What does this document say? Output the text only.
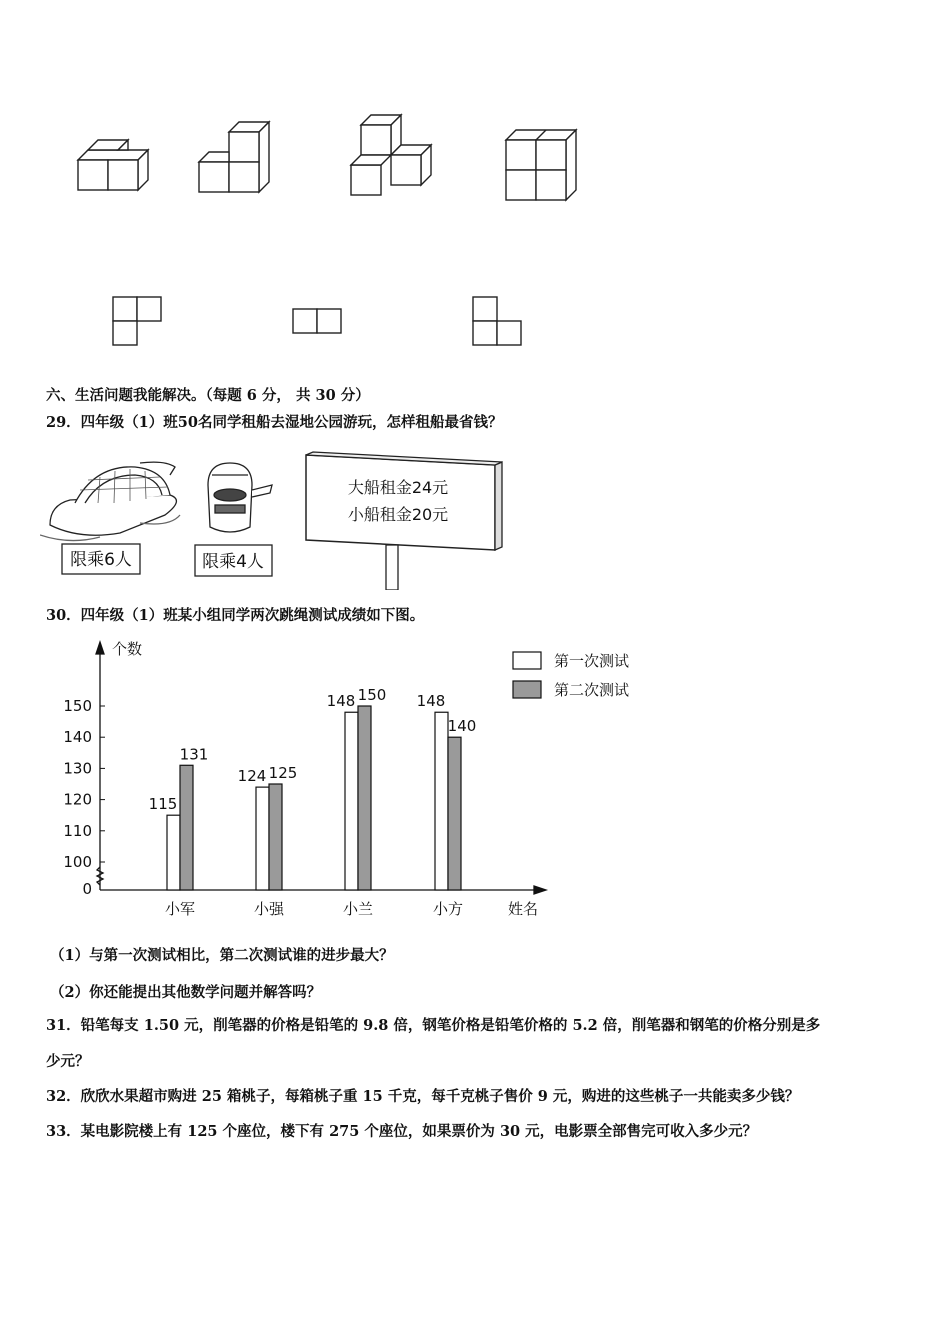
六、生活问题我能解决。（每题 6 分， 共 30 分）
29．四年级（1）班50名同学租船去湿地公园游玩，怎样租船最省钱？
限乘6人	限乘4人
大船租金24元
小船租金20元
30．四年级（1）班某小组同学两次跳绳测试成绩如下图。
0
100
110
120
130
140
150
115
131
小军
124 125
小强
148 150
小兰
148
140
小方
个数
姓名
第一次测试
第二次测试
（1）与第一次测试相比，第二次测试谁的进步最大？
（2）你还能提出其他数学问题并解答吗？
31．铅笔每支 1.50 元，削笔器的价格是铅笔的 9.8 倍，钢笔价格是铅笔价格的 5.2 倍，削笔器和钢笔的价格分别是多
少元？
32．欣欣水果超市购进 25 箱桃子，每箱桃子重 15 千克，每千克桃子售价 9 元，购进的这些桃子一共能卖多少钱？
33．某电影院楼上有 125 个座位，楼下有 275 个座位，如果票价为 30 元，电影票全部售完可收入多少元？
